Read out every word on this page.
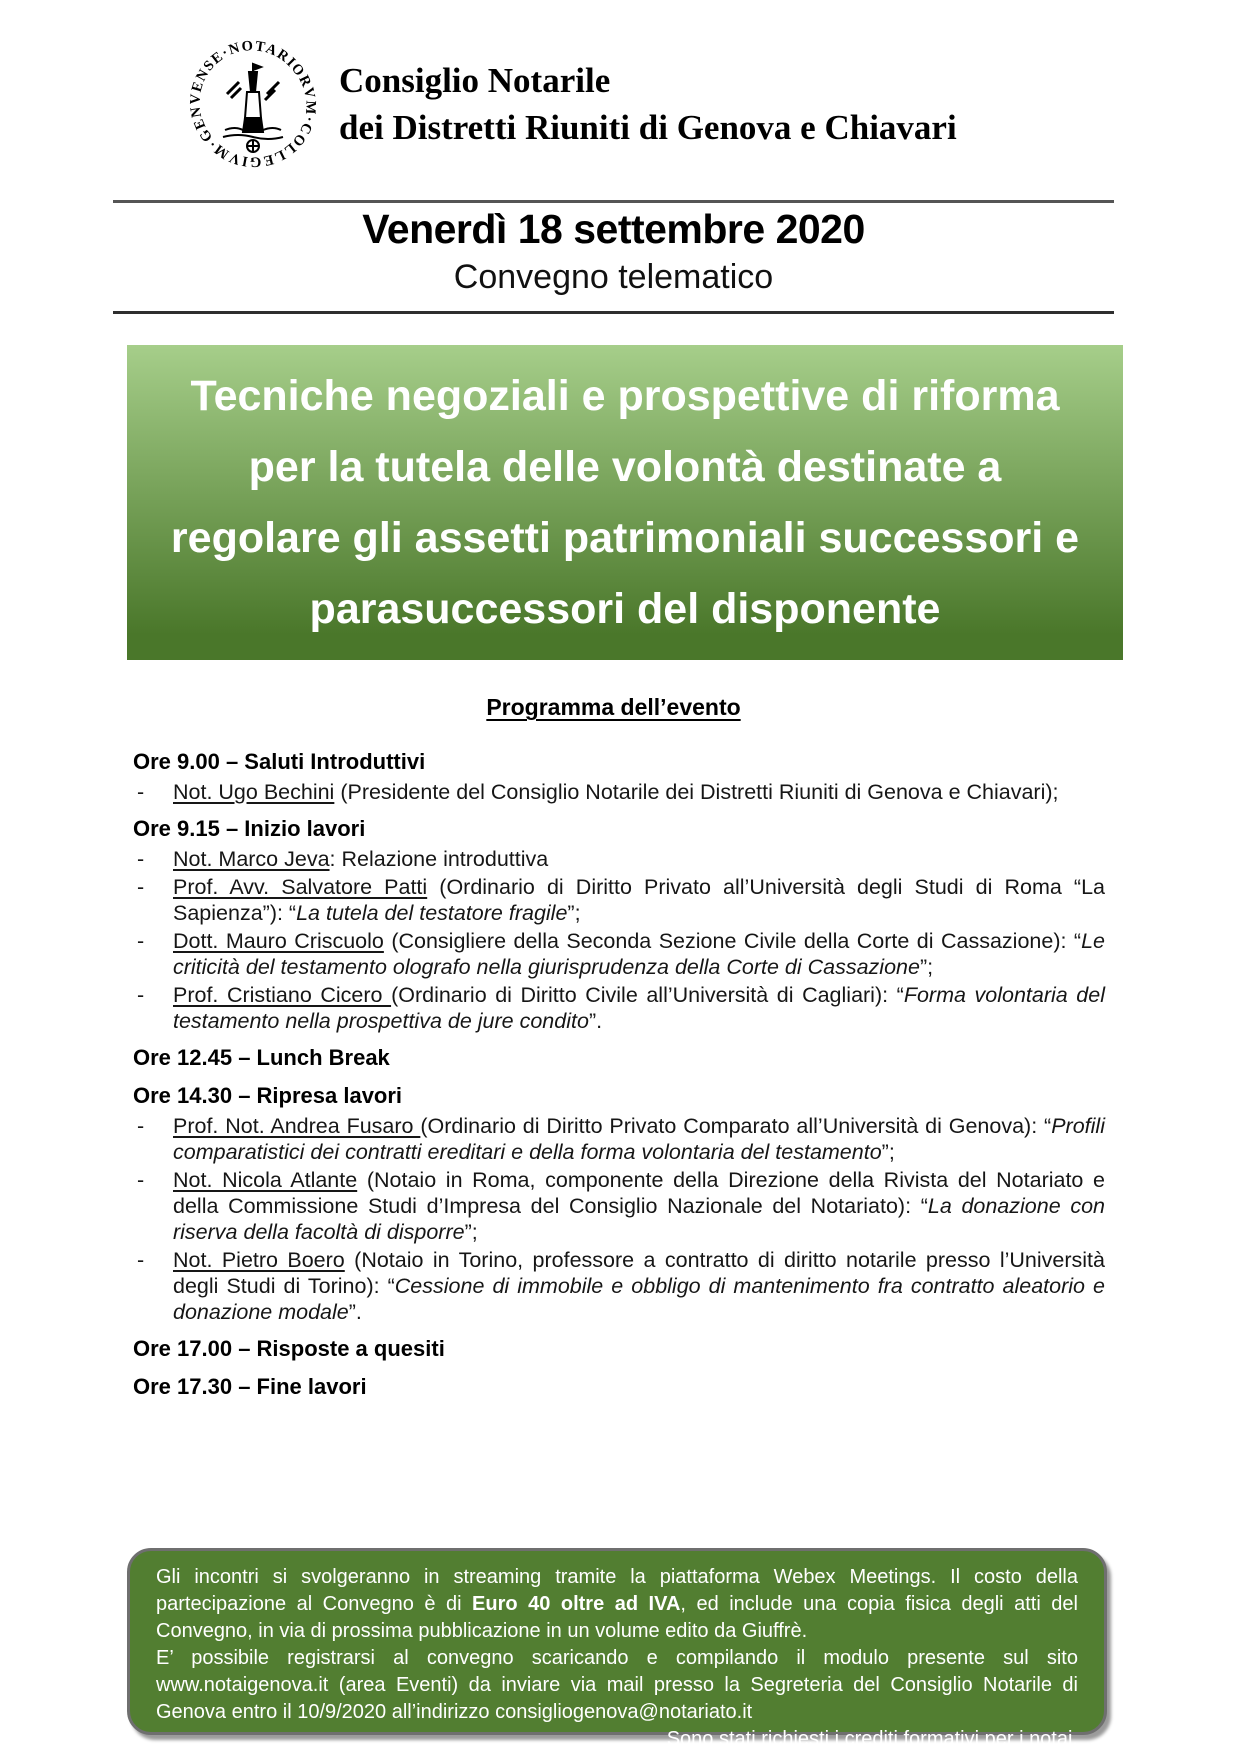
GENVENSE·NOTARIORVM·COLLEGIVM·
Consiglio Notarile
dei Distretti Riuniti di Genova e Chiavari
Venerdì 18 settembre 2020
Convegno telematico
Tecniche negoziali e prospettive di riforma
per la tutela delle volontà destinate a
regolare gli assetti patrimoniali successori e
parasuccessori del disponente
Programma dell’evento
Ore 9.00 – Saluti Introduttivi
- Not. Ugo Bechini (Presidente del Consiglio Notarile dei Distretti Riuniti di Genova e Chiavari);
Ore 9.15 – Inizio lavori
- Not. Marco Jeva: Relazione introduttiva
- Prof. Avv. Salvatore Patti (Ordinario di Diritto Privato all’Università degli Studi di Roma “La Sapienza”): “La tutela del testatore fragile”;
- Dott. Mauro Criscuolo (Consigliere della Seconda Sezione Civile della Corte di Cassazione): “Le criticità del testamento olografo nella giurisprudenza della Corte di Cassazione”;
- Prof. Cristiano Cicero (Ordinario di Diritto Civile all’Università di Cagliari): “Forma volontaria del testamento nella prospettiva de jure condito”.
Ore 12.45 – Lunch Break
Ore 14.30 – Ripresa lavori
- Prof. Not. Andrea Fusaro (Ordinario di Diritto Privato Comparato all’Università di Genova): “Profili comparatistici dei contratti ereditari e della forma volontaria del testamento”;
- Not. Nicola Atlante (Notaio in Roma, componente della Direzione della Rivista del Notariato e della Commissione Studi d’Impresa del Consiglio Nazionale del Notariato): “La donazione con riserva della facoltà di disporre”;
- Not. Pietro Boero (Notaio in Torino, professore a contratto di diritto notarile presso l’Università degli Studi di Torino): “Cessione di immobile e obbligo di mantenimento fra contratto aleatorio e donazione modale”.
Ore 17.00 – Risposte a quesiti
Ore 17.30 – Fine lavori
Gli incontri si svolgeranno in streaming tramite la piattaforma Webex Meetings. Il costo della partecipazione al Convegno è di Euro 40 oltre ad IVA, ed include una copia fisica degli atti del Convegno, in via di prossima pubblicazione in un volume edito da Giuffrè.
E’ possibile registrarsi al convegno scaricando e compilando il modulo presente sul sito www.notaigenova.it (area Eventi) da inviare via mail presso la Segreteria del Consiglio Notarile di Genova entro il 10/9/2020 all’indirizzo consigliogenova@notariato.it
Sono stati richiesti i crediti formativi per i notai.
